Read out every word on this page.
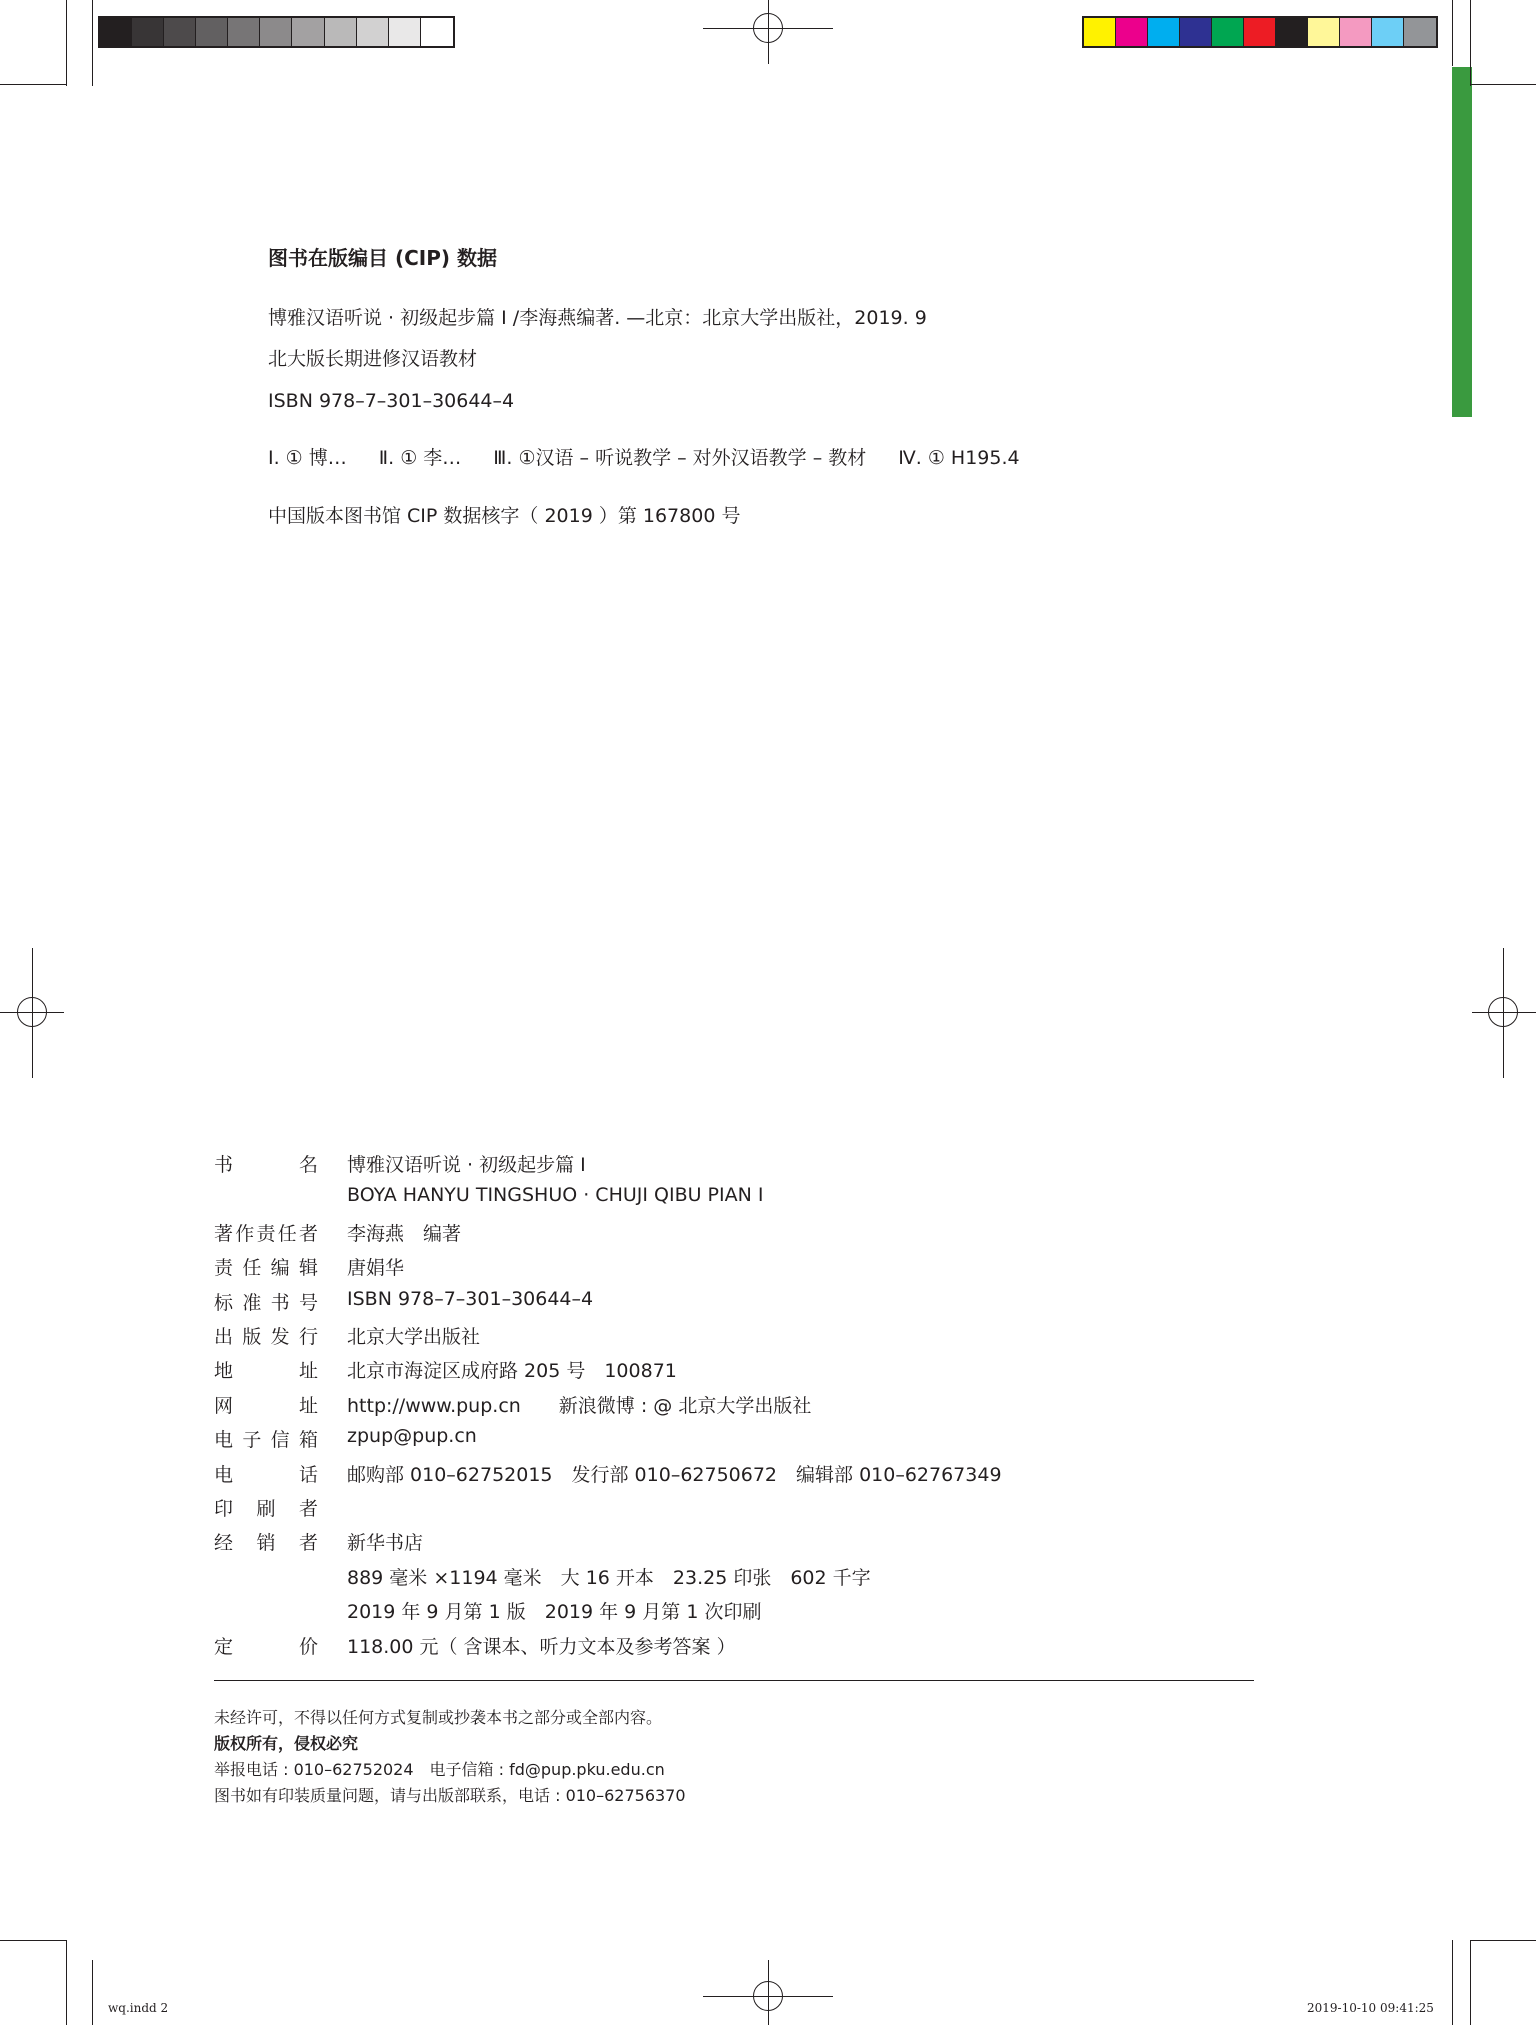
图书在版编目 (CIP) 数据
博雅汉语听说 · 初级起步篇 Ⅰ /李海燕编著. —北京：北京大学出版社，2019. 9
北大版长期进修汉语教材
ISBN 978–7–301–30644–4
Ⅰ. ① 博… Ⅱ. ① 李… Ⅲ. ①汉语 – 听说教学 – 对外汉语教学 – 教材 Ⅳ. ① H195.4
中国版本图书馆 CIP 数据核字（ 2019 ）第 167800 号
书	名 博雅汉语听说 · 初级起步篇 Ⅰ
BOYA HANYU TINGSHUO · CHUJI QIBU PIAN Ⅰ
著 作 责 任 者 李海燕　编著
责 任 编 辑 唐娟华
标 准 书 号 ISBN 978–7–301–30644–4
出 版 发 行 北京大学出版社
地	址 北京市海淀区成府路 205 号　100871
网	址 http://www.pup.cn　　新浪微博 : @ 北京大学出版社
电 子 信 箱 zpup@pup.cn
电	话 邮购部 010–62752015　发行部 010–62750672　编辑部 010–62767349
印 刷 者
经 销 者 新华书店
889 毫米 ×1194 毫米　大 16 开本　23.25 印张　602 千字
2019 年 9 月第 1 版　2019 年 9 月第 1 次印刷
定	价 118.00 元（ 含课本、听力文本及参考答案 ）
未经许可，不得以任何方式复制或抄袭本书之部分或全部内容。
版权所有，侵权必究
举报电话 : 010–62752024　电子信箱 : fd@pup.pku.edu.cn
图书如有印装质量问题，请与出版部联系，电话 : 010–62756370
wq.indd 2	2019-10-10 09:41:25
